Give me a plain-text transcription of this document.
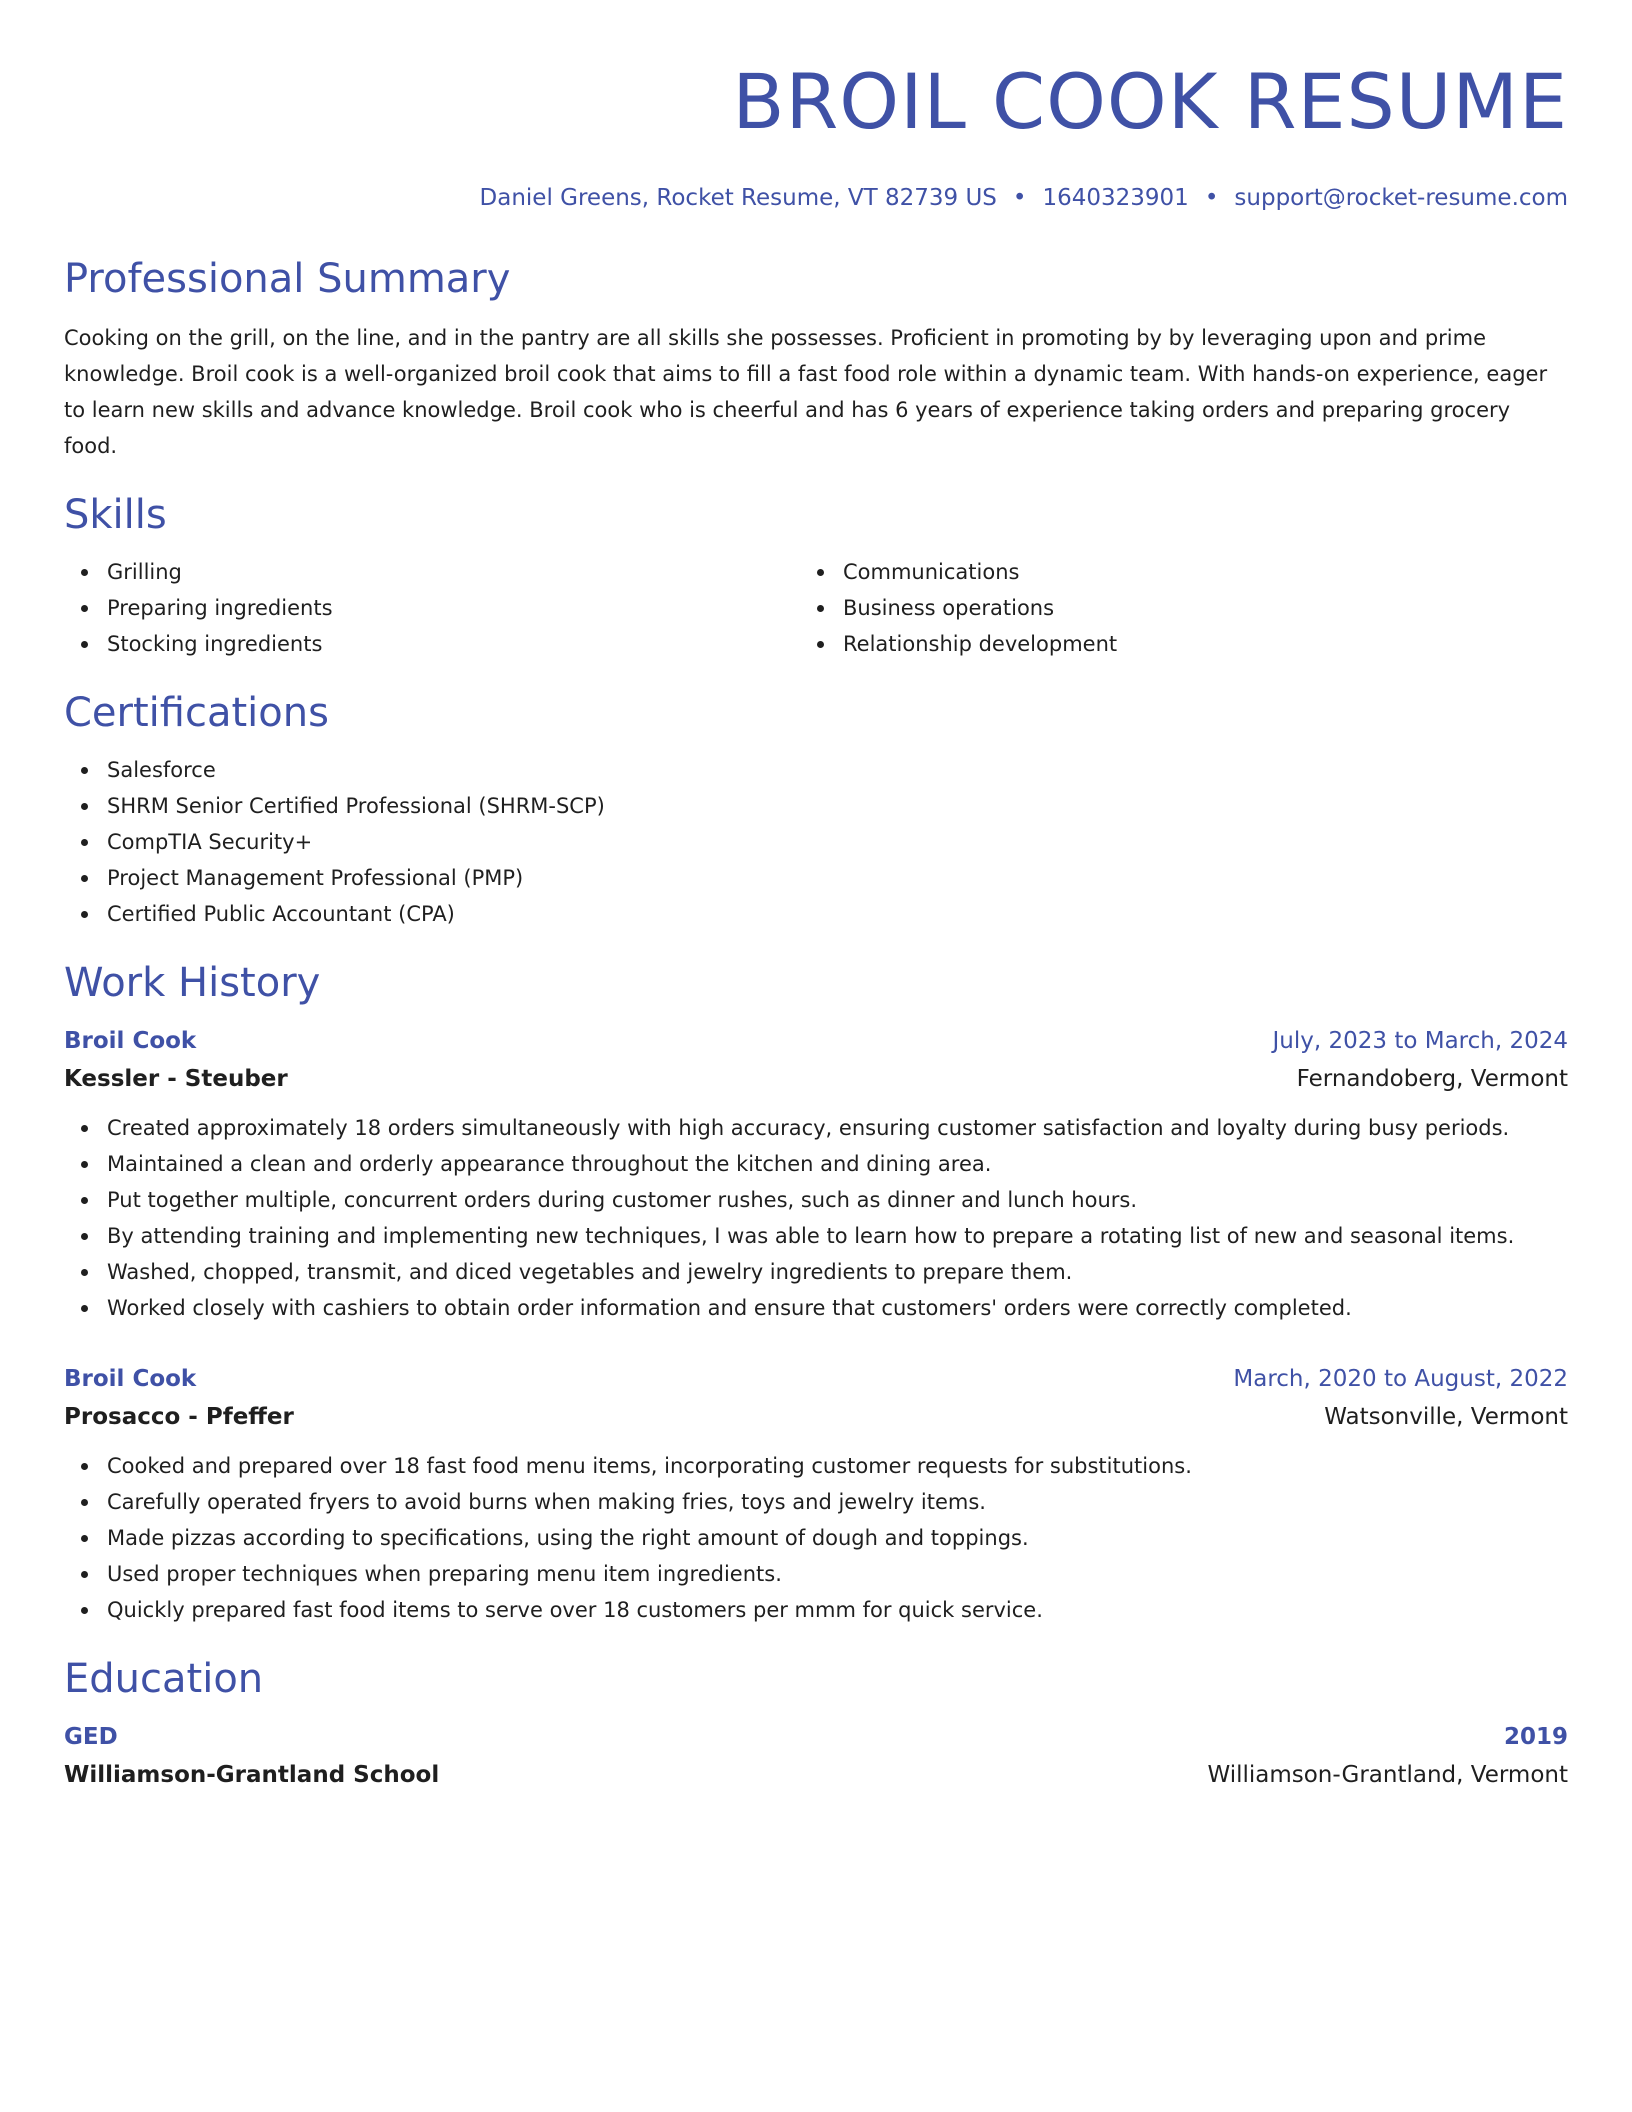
BROIL COOK RESUME
Daniel Greens, Rocket Resume, VT 82739 US • 1640323901 • support@rocket-resume.com
Professional Summary
Cooking on the grill, on the line, and in the pantry are all skills she possesses. Proficient in promoting by by leveraging upon and prime knowledge. Broil cook is a well-organized broil cook that aims to fill a fast food role within a dynamic team. With hands-on experience, eager to learn new skills and advance knowledge. Broil cook who is cheerful and has 6 years of experience taking orders and preparing grocery food.
Skills
Grilling
Preparing ingredients
Stocking ingredients
Communications
Business operations
Relationship development
Certifications
Salesforce
SHRM Senior Certified Professional (SHRM-SCP)
CompTIA Security+
Project Management Professional (PMP)
Certified Public Accountant (CPA)
Work History
Broil Cook	July, 2023 to March, 2024
Kessler - Steuber	Fernandoberg, Vermont
Created approximately 18 orders simultaneously with high accuracy, ensuring customer satisfaction and loyalty during busy periods.
Maintained a clean and orderly appearance throughout the kitchen and dining area.
Put together multiple, concurrent orders during customer rushes, such as dinner and lunch hours.
By attending training and implementing new techniques, I was able to learn how to prepare a rotating list of new and seasonal items.
Washed, chopped, transmit, and diced vegetables and jewelry ingredients to prepare them.
Worked closely with cashiers to obtain order information and ensure that customers' orders were correctly completed.
Broil Cook	March, 2020 to August, 2022
Prosacco - Pfeffer	Watsonville, Vermont
Cooked and prepared over 18 fast food menu items, incorporating customer requests for substitutions.
Carefully operated fryers to avoid burns when making fries, toys and jewelry items.
Made pizzas according to specifications, using the right amount of dough and toppings.
Used proper techniques when preparing menu item ingredients.
Quickly prepared fast food items to serve over 18 customers per mmm for quick service.
Education
GED	2019
Williamson-Grantland School	Williamson-Grantland, Vermont
